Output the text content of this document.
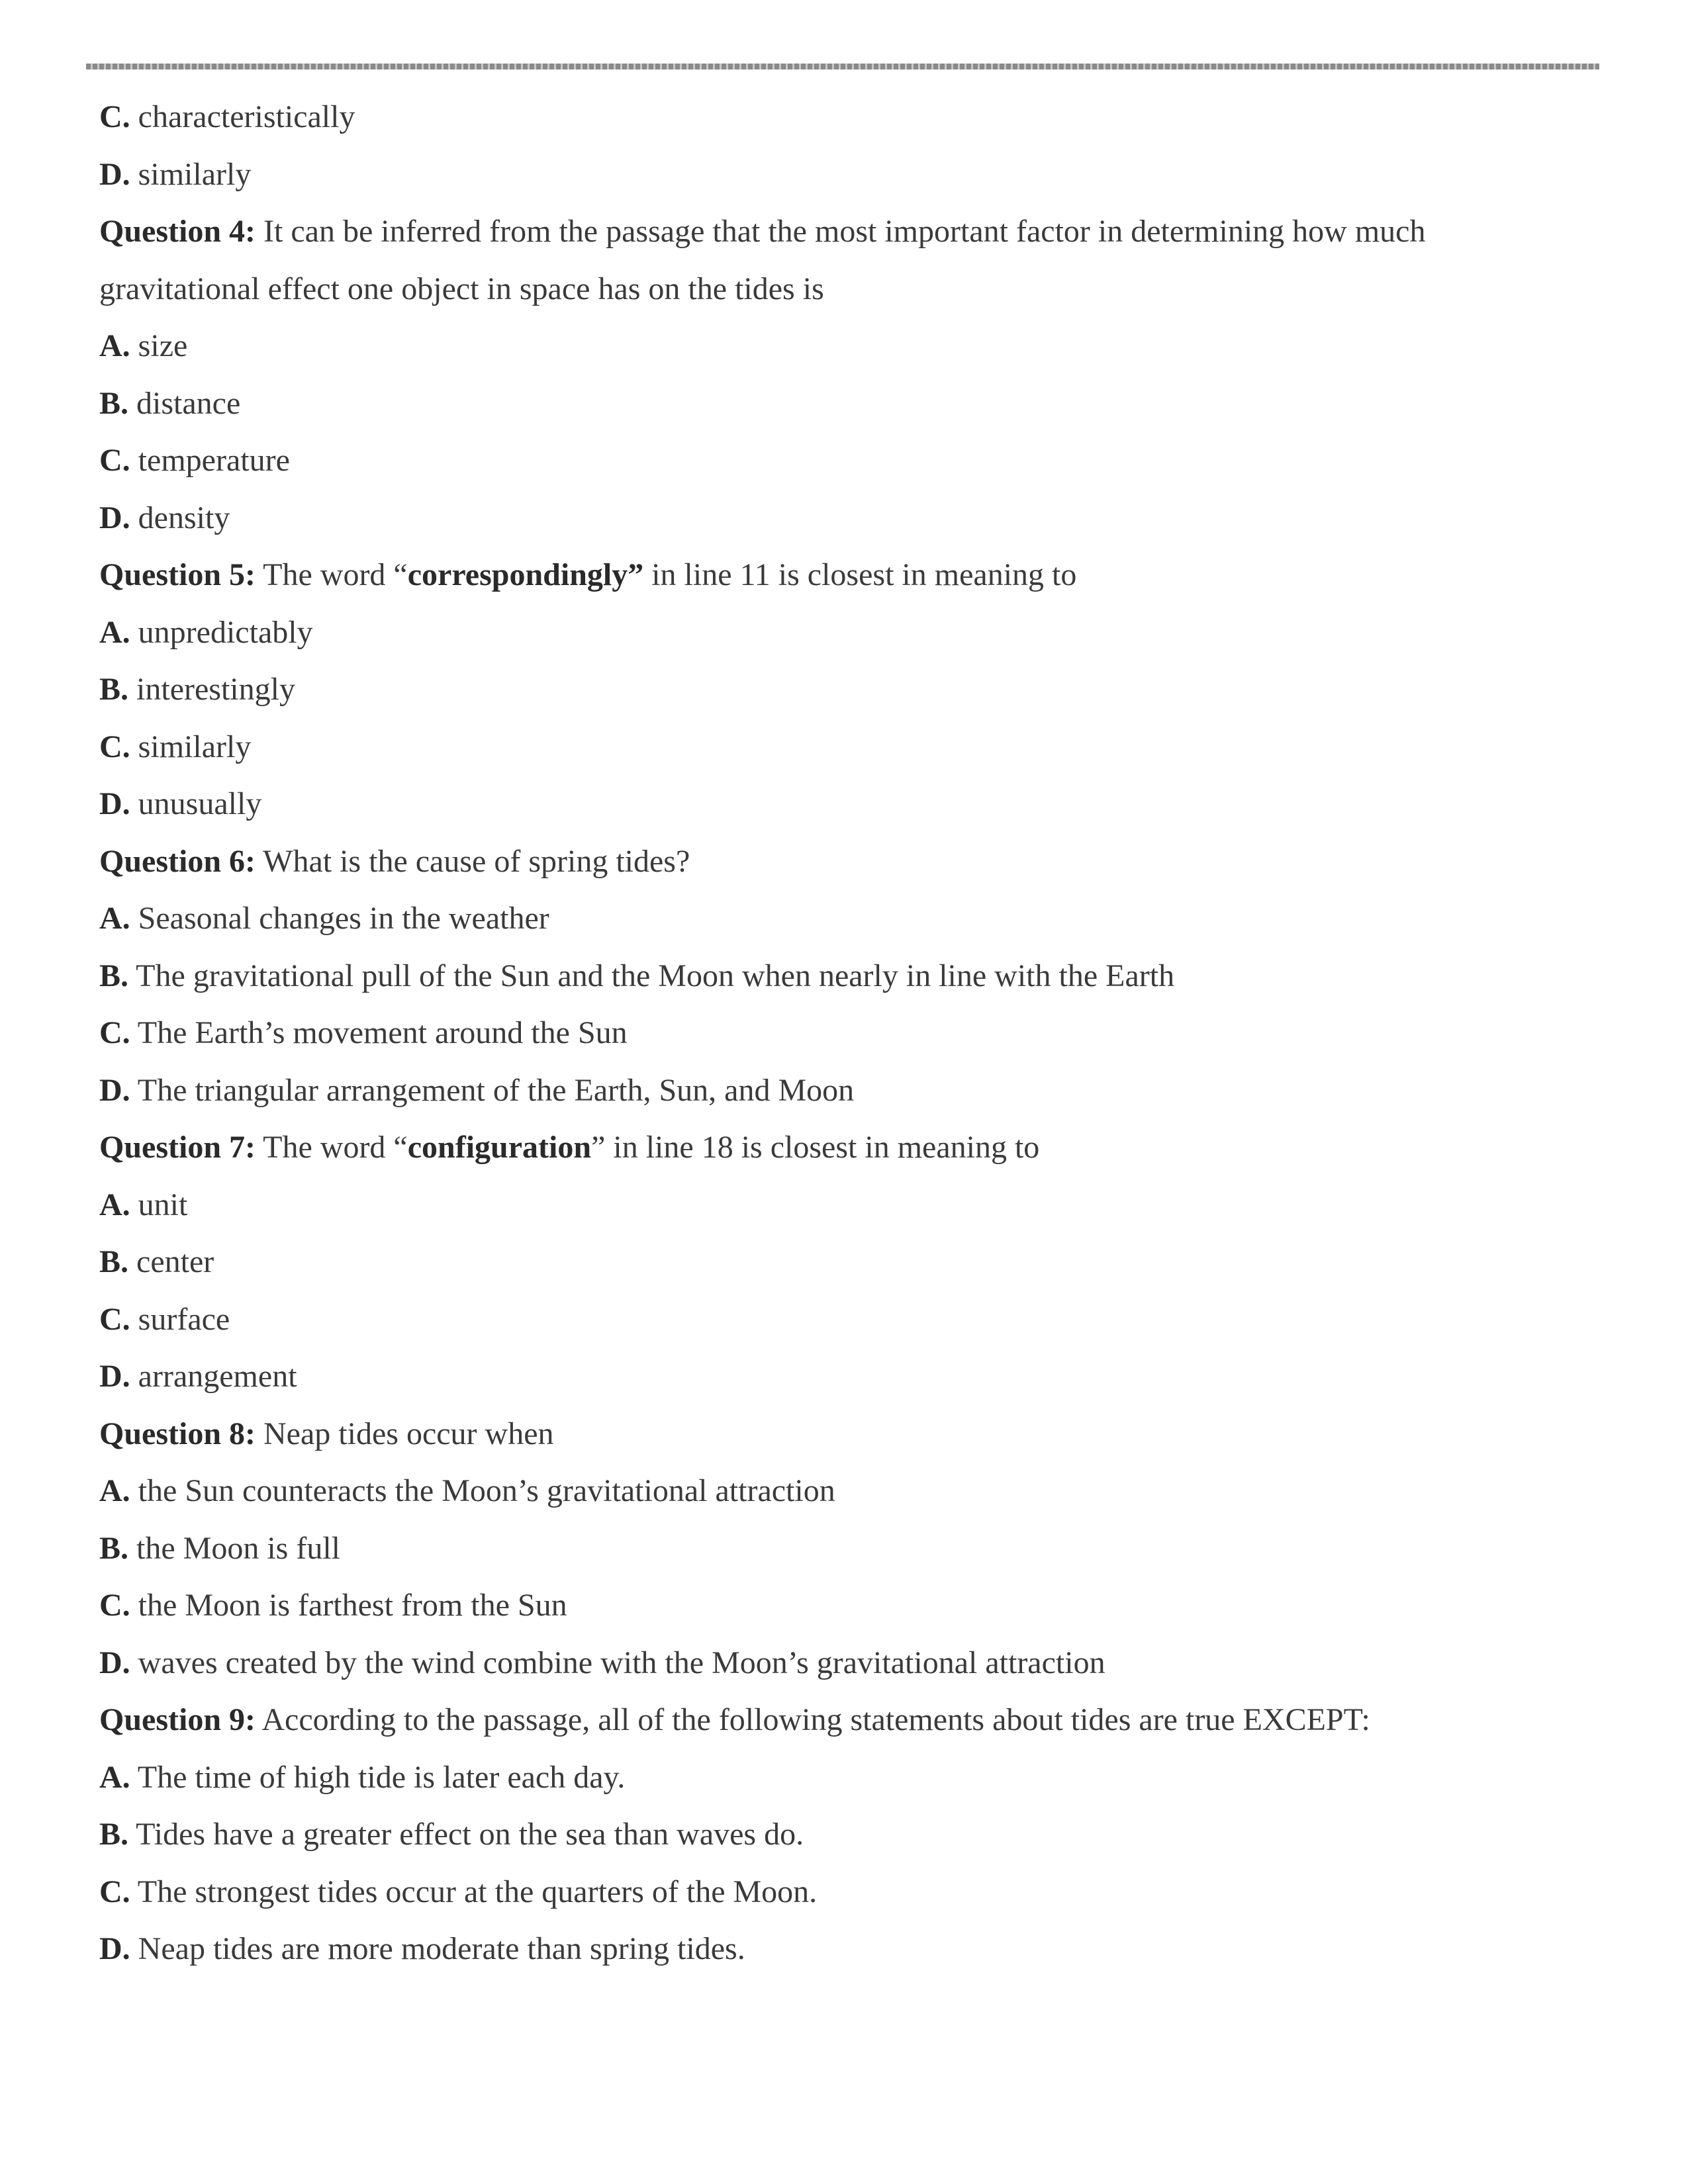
C. characteristically
D. similarly
Question 4: It can be inferred from the passage that the most important factor in determining how much
gravitational effect one object in space has on the tides is
A. size
B. distance
C. temperature
D. density
Question 5: The word “correspondingly” in line 11 is closest in meaning to
A. unpredictably
B. interestingly
C. similarly
D. unusually
Question 6: What is the cause of spring tides?
A. Seasonal changes in the weather
B. The gravitational pull of the Sun and the Moon when nearly in line with the Earth
C. The Earth’s movement around the Sun
D. The triangular arrangement of the Earth, Sun, and Moon
Question 7: The word “configuration” in line 18 is closest in meaning to
A. unit
B. center
C. surface
D. arrangement
Question 8: Neap tides occur when
A. the Sun counteracts the Moon’s gravitational attraction
B. the Moon is full
C. the Moon is farthest from the Sun
D. waves created by the wind combine with the Moon’s gravitational attraction
Question 9: According to the passage, all of the following statements about tides are true EXCEPT:
A. The time of high tide is later each day.
B. Tides have a greater effect on the sea than waves do.
C. The strongest tides occur at the quarters of the Moon.
D. Neap tides are more moderate than spring tides.
